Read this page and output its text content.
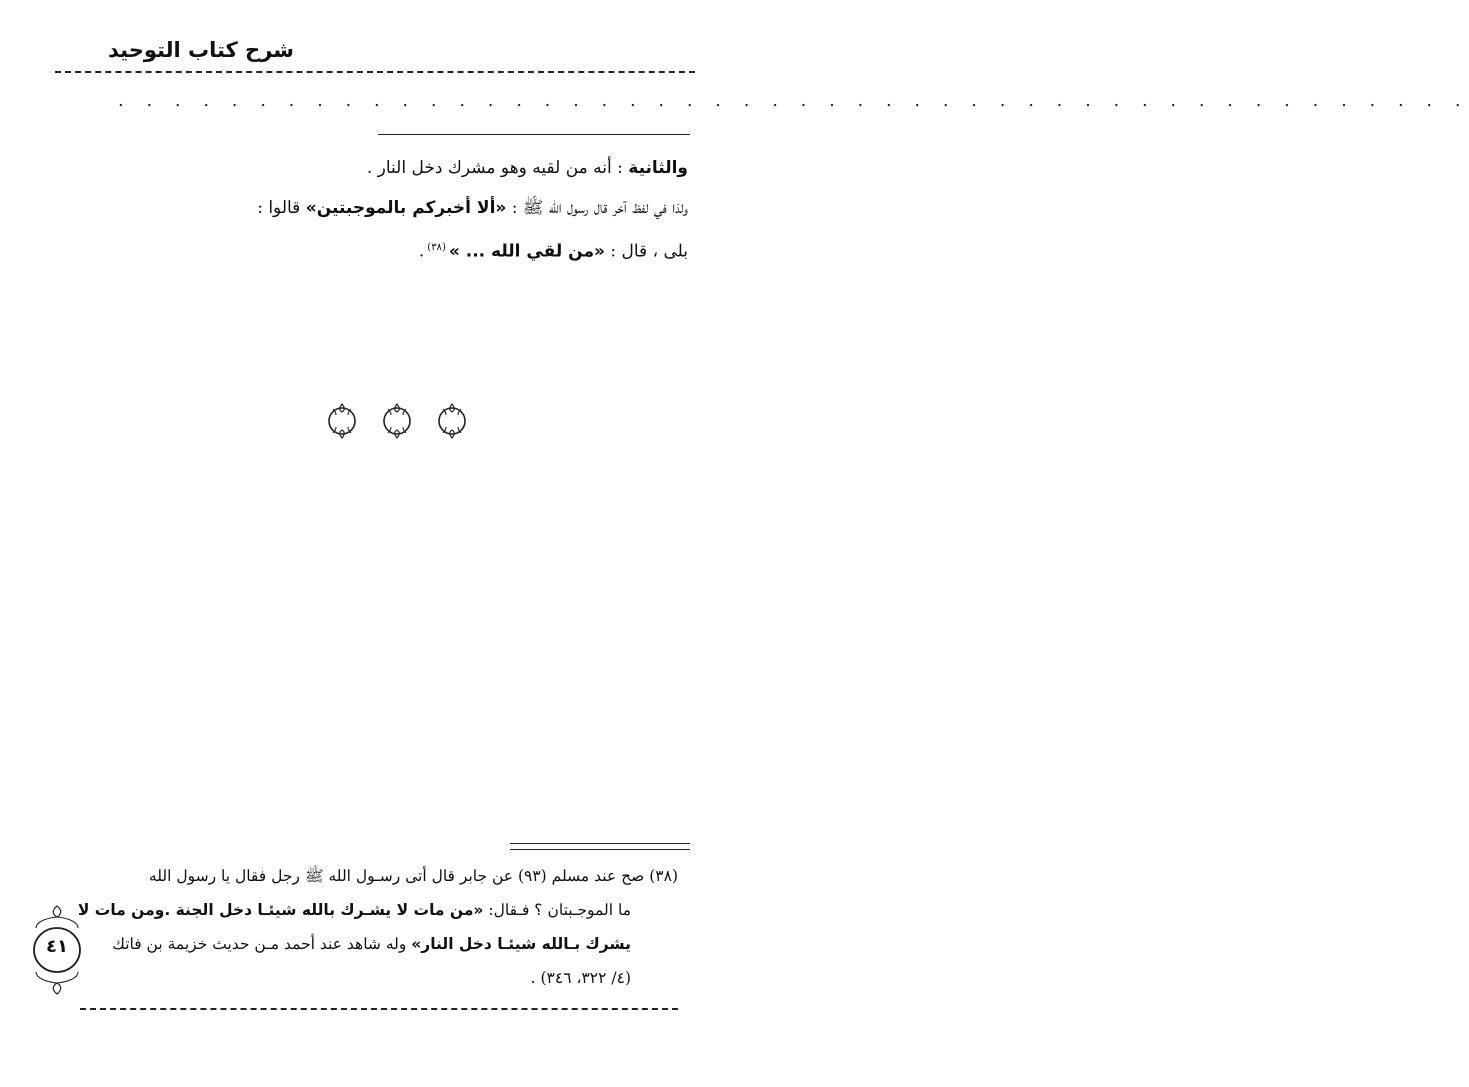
شرح كتاب التوحيد
. . . . . . . . . . . . . . . . . . . . . . . . . . . . . . . . . . . . . . . . . . . . . . . .
والثانية : أنه من لقيه وهو مشرك دخل النار .
ولذا في لفظ آخر قال رسول الله ﷺ : «ألا أخبركم بالموجبتين» قالوا :
بلى ، قال : «من لقي الله ... »$^{(٣٨)}$.
(٣٨) صح عند مسلم (٩٣) عن جابر قال أتى رسـول الله ﷺ رجل فقال يا رسول الله
ما الموجـبتان ؟ فـقال: «من مات لا يشـرك بالله شيئـا دخل الجنة .ومن مات لا
يشرك بـالله شيئـا دخل النار» وله شاهد عند أحمد مـن حديث خزيمة بن فاتك
(٤/ ٣٢٢، ٣٤٦) .
٤١
